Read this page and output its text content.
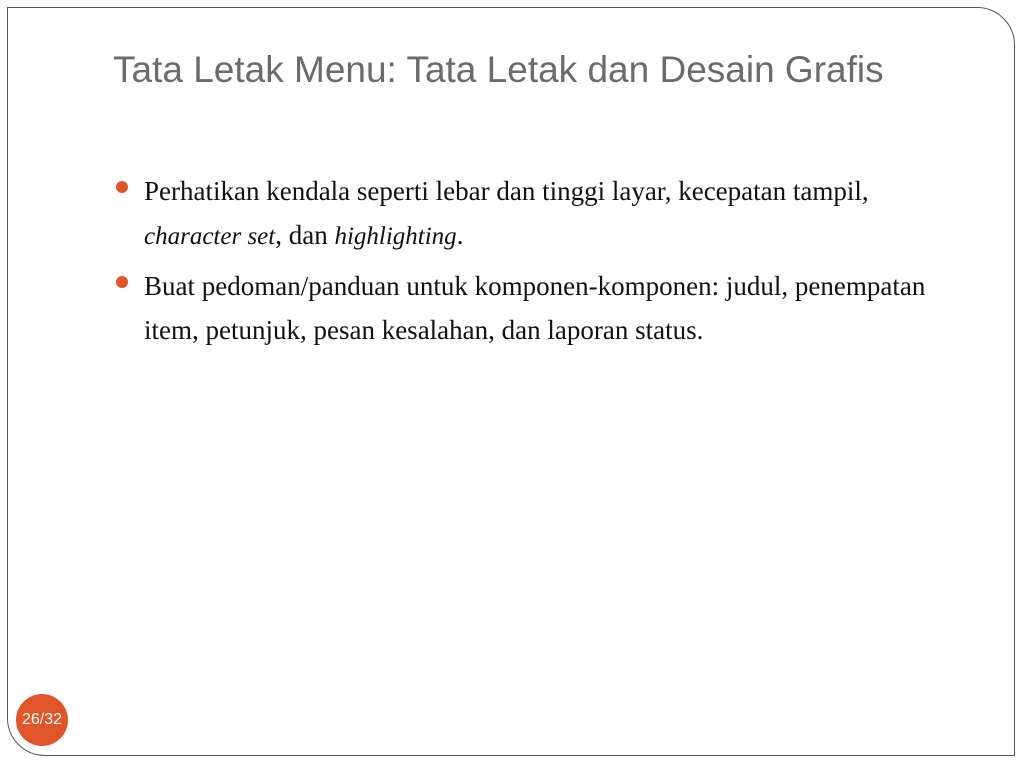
Tata Letak Menu: Tata Letak dan Desain Grafis
Perhatikan kendala seperti lebar dan tinggi layar, kecepatan tampil, character set, dan highlighting.
Buat pedoman/panduan untuk komponen-komponen: judul, penempatan item, petunjuk, pesan kesalahan, dan laporan status.
26/32
